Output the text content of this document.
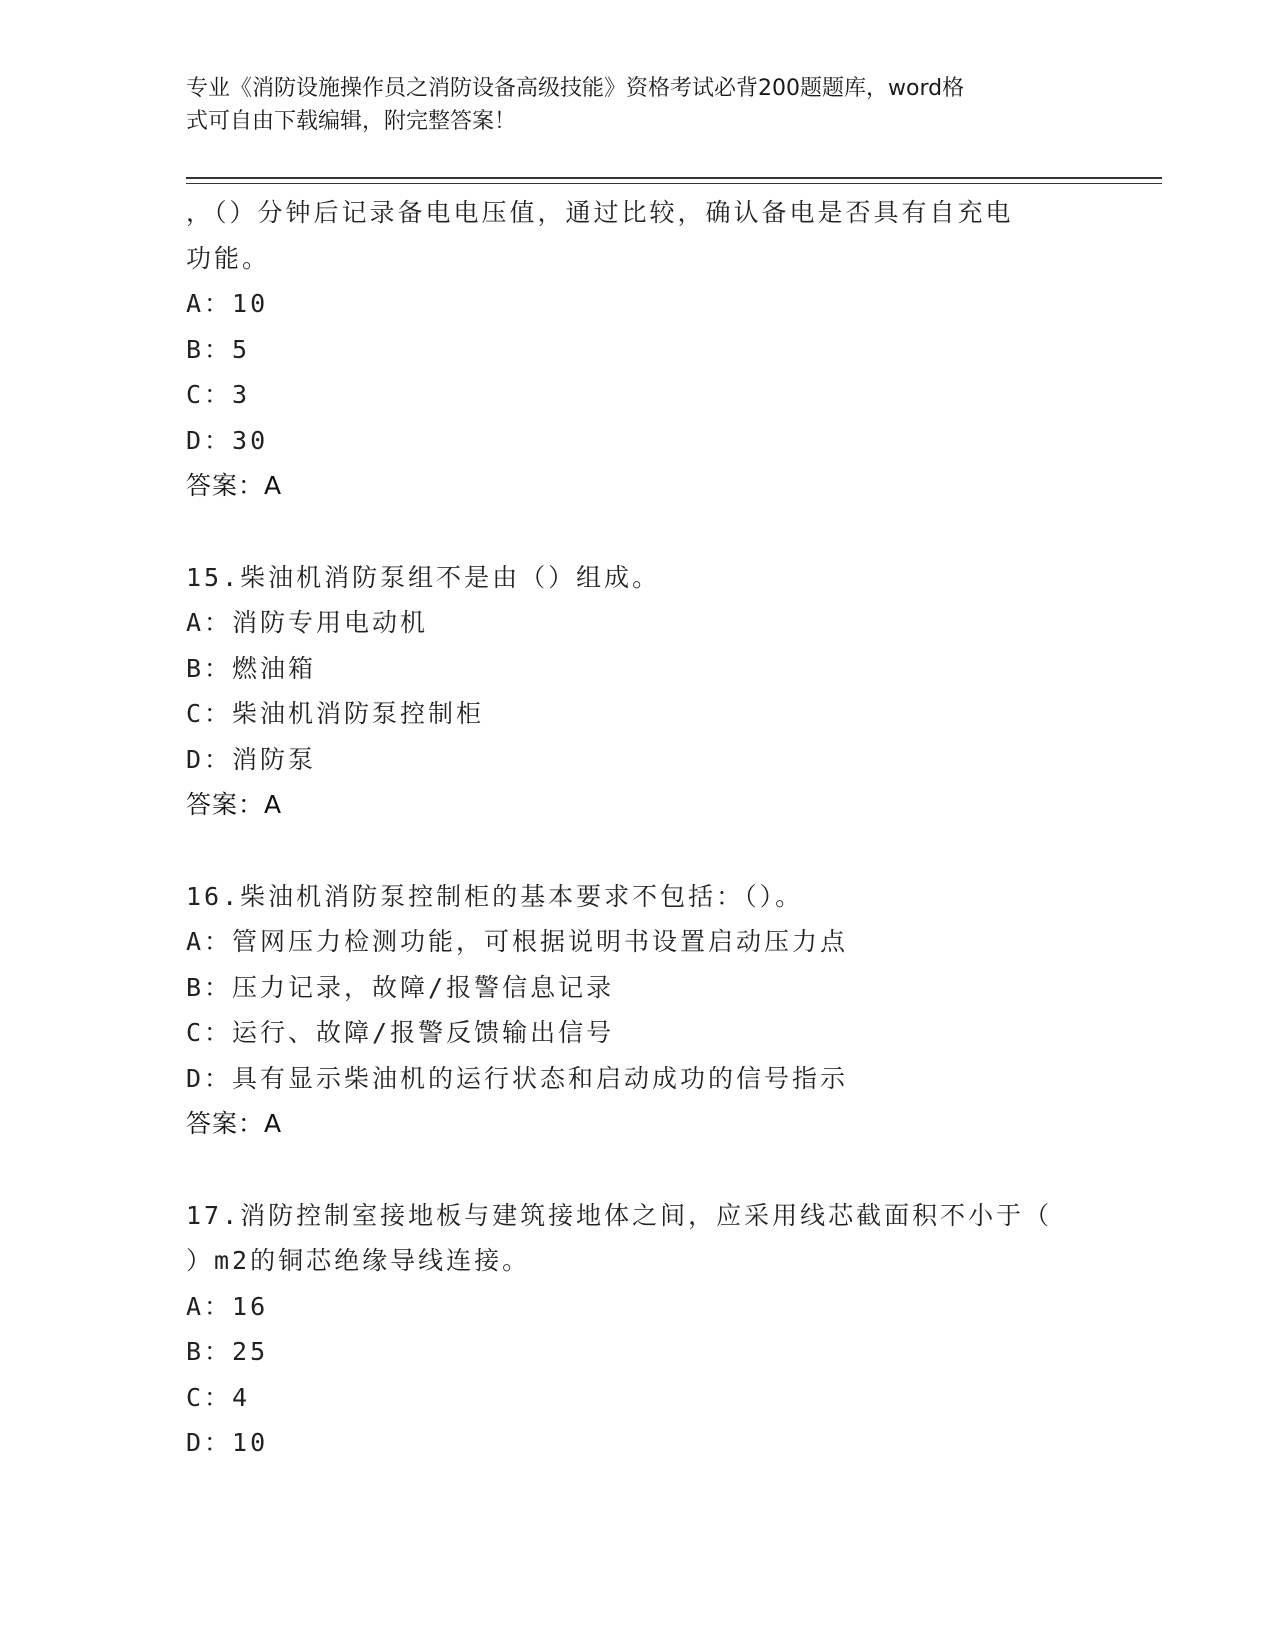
专业《消防设施操作员之消防设备高级技能》资格考试必背200题题库，word格
式可自由下载编辑，附完整答案！
，（）分钟后记录备电电压值，通过比较，确认备电是否具有自充电
功能。
A：10
B：5
C：3
D：30
答案：A
15.柴油机消防泵组不是由（）组成。
A：消防专用电动机
B：燃油箱
C：柴油机消防泵控制柜
D：消防泵
答案：A
16.柴油机消防泵控制柜的基本要求不包括：（）。
A：管网压力检测功能，可根据说明书设置启动压力点
B：压力记录，故障/报警信息记录
C：运行、故障/报警反馈输出信号
D：具有显示柴油机的运行状态和启动成功的信号指示
答案：A
17.消防控制室接地板与建筑接地体之间，应采用线芯截面积不小于（
）m2的铜芯绝缘导线连接。
A：16
B：25
C：4
D：10
